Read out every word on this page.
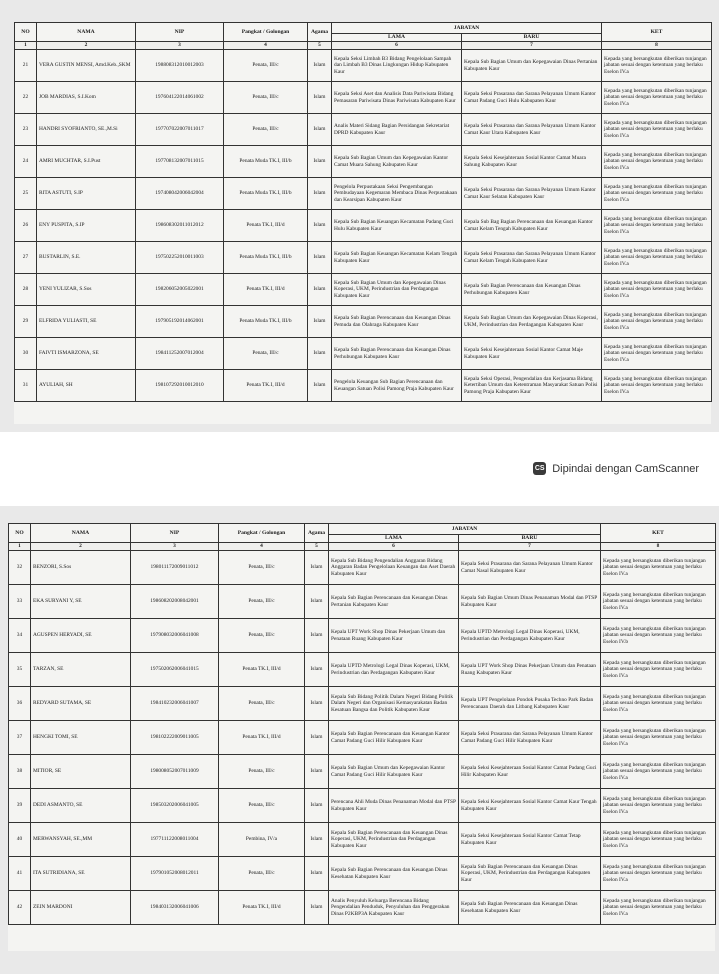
NO	NAMA	NIP	Pangkat / Golongan	Agama	JABATAN		KET
					LAMA	BARU	
1	2	3	4	5	6	7	8
21	VERA GUSTIN MENSI, Amd.Keb.,SKM	198808312010012003	Penata, III/c	Islam	Kepala Seksi Limbah B3 Bidang Pengelolaan Sampah dan Limbah B3 Dinas Lingkungan Hidup Kabupaten Kaur	Kepala Sub Bagian Umum dan Kepegawaian Dinas Pertanian Kabupaten Kaur	Kepada yang bersangkutan diberikan tunjangan jabatan sesuai dengan ketentuan yang berlaku Eselon IV.a
22	JOB MARDIAS, S.I.Kom	197604122014061002	Penata, III/c	Islam	Kepala Seksi Aset dan Analisis Data Pariwisata Bidang Pemasaran Pariwisata Dinas Pariwisata Kabupaten Kaur	Kepala Seksi Prasarana dan Sarana Pelayanan Umum Kantor Camat Padang Guci Hulu Kabupaten Kaur	Kepada yang bersangkutan diberikan tunjangan jabatan sesuai dengan ketentuan yang berlaku Eselon IV.a
23	HANDRI SYOFRIANTO, SE.,M.Si	197707022007011017	Penata, III/c	Islam	Analis Materi Sidang Bagian Persidangan Sekretariat DPRD Kabupaten Kaur	Kepala Seksi Prasarana dan Sarana Pelayanan Umum Kantor Camat Kaur Utara Kabupaten Kaur	Kepada yang bersangkutan diberikan tunjangan jabatan sesuai dengan ketentuan yang berlaku Eselon IV.a
24	AMRI MUCHTAR, S.I.Pust	197708132007011015	Penata Muda TK.I, III/b	Islam	Kepala Sub Bagian Umum dan Kepegawaian Kantor Camat Muara Sahung Kabupaten Kaur	Kepala Seksi Kesejahteraan Sosial Kantor Camat Muara Sahung Kabupaten Kaur	Kepada yang bersangkutan diberikan tunjangan jabatan sesuai dengan ketentuan yang berlaku Eselon IV.a
25	RITA ASTUTI, S.IP	197408042006042004	Penata Muda TK.I, III/b	Islam	Pengelola Perpustakaan Seksi Pengembangan Pembudayaan Kegemaran Membaca Dinas Perpustakaan dan Kearsipan Kabupaten Kaur	Kepala Seksi Prasarana dan Sarana Pelayanan Umum Kantor Camat Kaur Selatan Kabupaten Kaur	Kepada yang bersangkutan diberikan tunjangan jabatan sesuai dengan ketentuan yang berlaku Eselon IV.a
26	ENY PUSPITA, S.IP	198608302011012012	Penata TK.I, III/d	Islam	Kepala Sub Bagian Keuangan Kecamatan Padang Guci Hulu Kabupaten Kaur	Kepala Sub Bag Bagian Perencanaan dan Keuangan Kantor Camat Kelam Tengah Kabupaten Kaur	Kepada yang bersangkutan diberikan tunjangan jabatan sesuai dengan ketentuan yang berlaku Eselon IV.a
27	BUSTARLIN, S.E.	197502252010011003	Penata Muda TK.I, III/b	Islam	Kepala Sub Bagian Keuangan Kecamatan Kelam Tengah Kabupaten Kaur	Kepala Seksi Prasarana dan Sarana Pelayanan Umum Kantor Camat Kelam Tengah Kabupaten Kaur	Kepada yang bersangkutan diberikan tunjangan jabatan sesuai dengan ketentuan yang berlaku Eselon IV.a
28	YENI YULIZAR, S.Sos	198206052005022001	Penata TK.I, III/d	Islam	Kepala Sub Bagian Umum dan Kepegawaian Dinas Koperasi, UKM, Perindustrian dan Perdagangan Kabupaten Kaur	Kepala Sub Bagian Perencanaan dan Keuangan Dinas Perhubungan Kabupaten Kaur	Kepada yang bersangkutan diberikan tunjangan jabatan sesuai dengan ketentuan yang berlaku Eselon IV.a
29	ELFRIDA YULIASTI, SE	197905192014062001	Penata Muda TK.I, III/b	Islam	Kepala Sub Bagian Perencanaan dan Keuangan Dinas Pemuda dan Olahraga Kabupaten Kaur	Kepala Sub Bagian Umum dan Kepegawaian Dinas Koperasi, UKM, Perindustrian dan Perdagangan Kabupaten Kaur	Kepada yang bersangkutan diberikan tunjangan jabatan sesuai dengan ketentuan yang berlaku Eselon IV.a
30	FAIVTI ISMARZONA, SE	198411252007012004	Penata, III/c	Islam	Kepala Sub Bagian Perencanaan dan Keuangan Dinas Perhubungan Kabupaten Kaur	Kepala Seksi Kesejahteraan Sosial Kantor Camat Maje Kabupaten Kaur	Kepada yang bersangkutan diberikan tunjangan jabatan sesuai dengan ketentuan yang berlaku Eselon IV.a
31	AYULIAH, SH	198107292010012010	Penata TK.I, III/d	Islam	Pengelola Keuangan Sub Bagian Perencanaan dan Keuangan Satuan Polisi Pamong Praja Kabupaten Kaur	Kepala Seksi Operasi, Pengendalian dan Kerjasama Bidang Ketertiban Umum dan Ketentraman Masyarakat Satuan Polisi Pamong Praja Kabupaten Kaur	Kepada yang bersangkutan diberikan tunjangan jabatan sesuai dengan ketentuan yang berlaku Eselon IV.a
CS Dipindai dengan CamScanner
NO	NAMA	NIP	Pangkat / Golongan	Agama	JABATAN		KET
					LAMA	BARU	
1	2	3	4	5	6	7	8
32	BENZORI, S.Sos	198011172009011012	Penata, III/c	Islam	Kepala Sub Bidang Pengendalian Anggaran Bidang Anggaran Badan Pengelolaan Keuangan dan Aset Daerah Kabupaten Kaur	Kepala Seksi Prasarana dan Sarana Pelayanan Umum Kantor Camat Nasal Kabupaten Kaur	Kepada yang bersangkutan diberikan tunjangan jabatan sesuai dengan ketentuan yang berlaku Eselon IV.a
33	EKA SURYANI Y, SE	198608202008042001	Penata, III/c	Islam	Kepala Sub Bagian Perencanaan dan Keuangan Dinas Pertanian Kabupaten Kaur	Kepala Sub Bagian Umum Dinas Penanaman Modal dan PTSP Kabupaten Kaur	Kepada yang bersangkutan diberikan tunjangan jabatan sesuai dengan ketentuan yang berlaku Eselon IV.a
34	AGUSPEN HERYADI, SE	197908032006041008	Penata, III/c	Islam	Kepala UPT Work Shop Dinas Pekerjaan Umum dan Penataan Ruang Kabupaten Kaur	Kepala UPTD Metrologi Legal Dinas Koperasi, UKM, Perindustrian dan Perdagangan Kabupaten Kaur	Kepada yang bersangkutan diberikan tunjangan jabatan sesuai dengan ketentuan yang berlaku Eselon IV.b
35	TARZAN, SE	197502062006041015	Penata TK.I, III/d	Islam	Kepala UPTD Metrologi Legal Dinas Koperasi, UKM, Perindustrian dan Perdagangan Kabupaten Kaur	Kepala UPT Work Shop Dinas Pekerjaan Umum dan Penataan Ruang Kabupaten Kaur	Kepada yang bersangkutan diberikan tunjangan jabatan sesuai dengan ketentuan yang berlaku Eselon IV.a
36	REDYARD SUTAMA, SE	198410232006041007	Penata, III/c	Islam	Kepala Sub Bidang Politik Dalam Negeri Bidang Politik Dalam Negeri dan Organisasi Kemasyarakatan Badan Kesatuan Bangsa dan Politik Kabupaten Kaur	Kepala UPT Pengelolaan Pondok Pusaka Techno Park Badan Perencanaan Daerah dan Litbang Kabupaten Kaur	Kepada yang bersangkutan diberikan tunjangan jabatan sesuai dengan ketentuan yang berlaku Eselon IV.a
37	HENGKI TOMI, SE	198102222009011005	Penata TK.I, III/d	Islam	Kepala Sub Bagian Perencanaan dan Keuangan Kantor Camat Padang Guci Hilir Kabupaten Kaur	Kepala Seksi Prasarana dan Sarana Pelayanan Umum Kantor Camat Padang Guci Hilir Kabupaten Kaur	Kepada yang bersangkutan diberikan tunjangan jabatan sesuai dengan ketentuan yang berlaku Eselon IV.a
38	MITIOR, SE	198008052007011009	Penata, III/c	Islam	Kepala Sub Bagian Umum dan Kepegawaian Kantor Camat Padang Guci Hilir Kabupaten Kaur	Kepala Seksi Kesejahteraan Sosial Kantor Camat Padang Guci Hilir Kabupaten Kaur	Kepada yang bersangkutan diberikan tunjangan jabatan sesuai dengan ketentuan yang berlaku Eselon IV.a
39	DEDI ASMANTO, SE	198503202006041005	Penata, III/c	Islam	Perencana Ahli Muda Dinas Penanaman Modal dan PTSP Kabupaten Kaur	Kepala Seksi Kesejahteraan Sosial Kantor Camat Kaur Tengah Kabupaten Kaur	Kepada yang bersangkutan diberikan tunjangan jabatan sesuai dengan ketentuan yang berlaku Eselon IV.a
40	MERWANSYAH, SE.,MM	197711122008011004	Pembina, IV/a	Islam	Kepala Sub Bagian Perencanaan dan Keuangan Dinas Koperasi, UKM, Perindustrian dan Perdagangan Kabupaten Kaur	Kepala Seksi Kesejahteraan Sosial Kantor Camat Tetap Kabupaten Kaur	Kepada yang bersangkutan diberikan tunjangan jabatan sesuai dengan ketentuan yang berlaku Eselon IV.a
41	ITA SUTRIDIANA, SE	197901052008012011	Penata, III/c	Islam	Kepala Sub Bagian Perencanaan dan Keuangan Dinas Kesehatan Kabupaten Kaur	Kepala Sub Bagian Perencanaan dan Keuangan Dinas Koperasi, UKM, Perindustrian dan Perdagangan Kabupaten Kaur	Kepada yang bersangkutan diberikan tunjangan jabatan sesuai dengan ketentuan yang berlaku Eselon IV.a
42	ZEIN MARDONI	198403132006041006	Penata TK.I, III/d	Islam	Analis Penyuluh Keluarga Berencana Bidang Pengendalian Penduduk, Penyuluhan dan Penggerakan Dinas P2KBP3A Kabupaten Kaur	Kepala Sub Bagian Perencanaan dan Keuangan Dinas Kesehatan Kabupaten Kaur	Kepada yang bersangkutan diberikan tunjangan jabatan sesuai dengan ketentuan yang berlaku Eselon IV.a
